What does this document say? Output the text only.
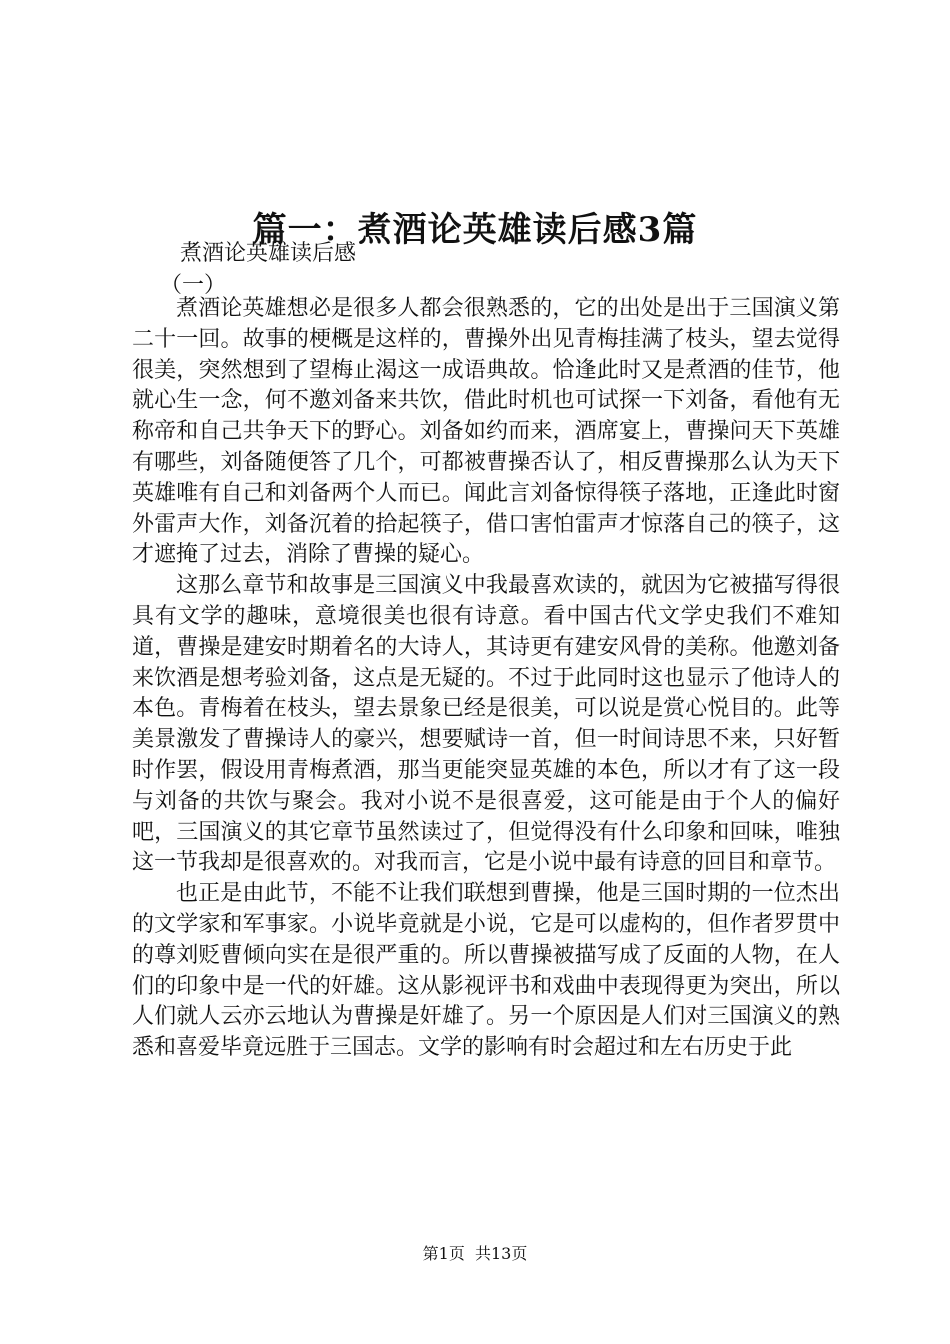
篇一：煮酒论英雄读后感3篇
煮酒论英雄读后感
（一）

煮酒论英雄想必是很多人都会很熟悉的，它的出处是出于三国演义第二十一回。故事的梗概是这样的，曹操外出见青梅挂满了枝头，望去觉得很美，突然想到了望梅止渴这一成语典故。恰逢此时又是煮酒的佳节，他就心生一念，何不邀刘备来共饮，借此时机也可试探一下刘备，看他有无称帝和自己共争天下的野心。刘备如约而来，酒席宴上，曹操问天下英雄有哪些，刘备随便答了几个，可都被曹操否认了，相反曹操那么认为天下英雄唯有自己和刘备两个人而已。闻此言刘备惊得筷子落地，正逢此时窗外雷声大作，刘备沉着的拾起筷子，借口害怕雷声才惊落自己的筷子，这才遮掩了过去，消除了曹操的疑心。

这那么章节和故事是三国演义中我最喜欢读的，就因为它被描写得很具有文学的趣味，意境很美也很有诗意。看中国古代文学史我们不难知道，曹操是建安时期着名的大诗人，其诗更有建安风骨的美称。他邀刘备来饮酒是想考验刘备，这点是无疑的。不过于此同时这也显示了他诗人的本色。青梅着在枝头，望去景象已经是很美，可以说是赏心悦目的。此等美景激发了曹操诗人的豪兴，想要赋诗一首，但一时间诗思不来，只好暂时作罢，假设用青梅煮酒，那当更能突显英雄的本色，所以才有了这一段与刘备的共饮与聚会。我对小说不是很喜爱，这可能是由于个人的偏好吧，三国演义的其它章节虽然读过了，但觉得没有什么印象和回味，唯独这一节我却是很喜欢的。对我而言，它是小说中最有诗意的回目和章节。

也正是由此节，不能不让我们联想到曹操，他是三国时期的一位杰出的文学家和军事家。小说毕竟就是小说，它是可以虚构的，但作者罗贯中的尊刘贬曹倾向实在是很严重的。所以曹操被描写成了反面的人物，在人们的印象中是一代的奸雄。这从影视评书和戏曲中表现得更为突出，所以人们就人云亦云地认为曹操是奸雄了。另一个原因是人们对三国演义的熟悉和喜爱毕竟远胜于三国志。文学的影响有时会超过和左右历史于此

第1页  共13页
